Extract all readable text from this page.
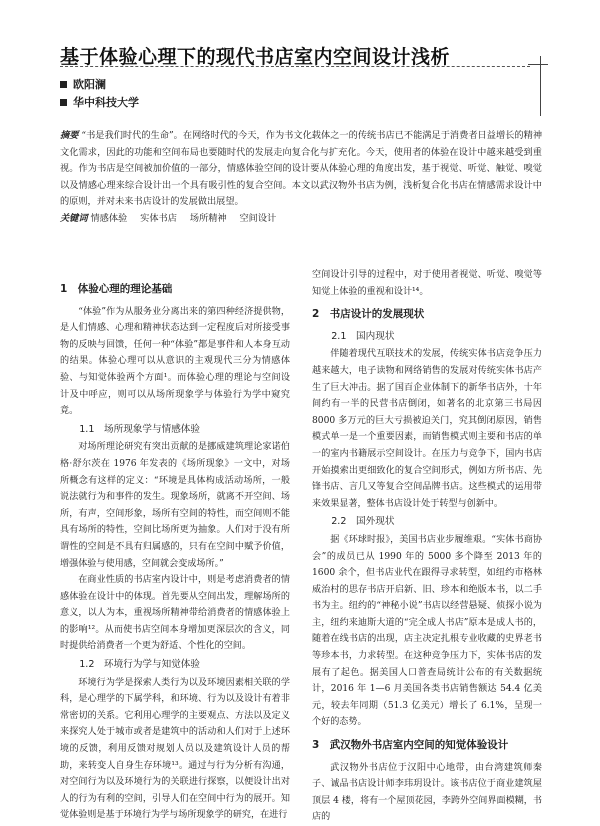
基于体验心理下的现代书店室内空间设计浅析
欧阳澜
华中科技大学
摘要 “书是我们时代的生命”。在网络时代的今天，作为书文化载体之一的传统书店已不能满足于消费者日益增长的精神文化需求，因此的功能和空间布局也要随时代的发展走向复合化与扩充化。今天，使用者的体验在设计中越来越受到重视。作为书店是空间被加价值的一部分，情感体验空间的设计要从体验心理的角度出发，基于视觉、听觉、触觉、嗅觉以及情感心理来综合设计出一个具有吸引性的复合空间。本文以武汉物外书店为例，浅析复合化书店在情感需求设计中的原则，并对未来书店设计的发展做出展望。
关键词 情感体验 实体书店 场所精神 空间设计
1　体验心理的理论基础

“体验”作为从服务业分离出来的第四种经济提供物，是人们情感、心理和精神状态达到一定程度后对所接受事物的反映与回馈，任何一种“体验”都是事件和人本身互动的结果。体验心理可以从意识的主观现代三分为情感体验、与知觉体验两个方面¹。而体验心理的理论与空间设计及中呼应，则可以从场所现象学与体验行为学中窥究竟。

1.1　场所现象学与情感体验

对场所理论研究有突出贡献的是挪威建筑理论家诺伯格·舒尔茨在 1976 年发表的《场所现象》一文中，对场所概念有这样的定义：“环境是具体构成活动场所，一般说法就行为和事件的发生。现象场所，就离不开空间、场所，有声，空间形象，场所有空间的特性，而空间则不能具有场所的特性，空间比场所更为抽象。人们对于没有所谓性的空间是不具有归属感的，只有在空间中赋予价值，增强体验与使用感，空间就会变成场所。”

在商业性质的书店室内设计中，则是考虑消费者的情感体验在设计中的体现。首先要从空间出发，理解场所的意义，以人为本，重视场所精神带给消费者的情感体验上的影响¹²。从而使书店空间本身增加更深层次的含义，同时提供给消费者一个更为舒适、个性化的空间。

1.2　环境行为学与知觉体验

环境行为学是探索人类行为以及环境因素相关联的学科，是心理学的下属学科，和环境、行为以及设计有着非常密切的关系。它利用心理学的主要观点、方法以及定义来探究人处于城市或者是建筑中的活动和人们对于上述环境的反馈，利用反馈对规划人员以及建筑设计人员的帮助，来转变人自身生存环境¹³。通过与行为分析有沟通，对空间行为以及环境行为的关联进行探察，以便设计出对人的行为有利的空间，引导人们在空间中行为的展开。知觉体验则是基于环境行为学与场所现象学的研究，在进行

空间设计引导的过程中，对于使用者视觉、听觉、嗅觉等知觉上体验的重视和设计¹⁴。

2　书店设计的发展现状
2.1　国内现状

伴随着现代互联技术的发展，传统实体书店竞争压力越来越大，电子读物和网络销售的发展对传统实体书店产生了巨大冲击。据了国百企业体制下的新华书店外，十年间约有一半的民营书店倒闭，如著名的北京第三书局因 8000 多万元的巨大亏损被迫关门，究其倒闭原因，销售模式单一是一个重要因素，而销售模式则主要和书店的单一的室内书籍展示空间设计。在压力与竞争下，国内书店开始摸索出更细致化的复合空间形式，例如方所书店、先锋书店、言几又等复合空间品牌书店。这些模式的运用带来效果显著，整体书店设计处于转型与创新中。

2.2　国外现状

据《环球时报》，美国书店业步履维艰。“实体书商协会”的成员已从 1990 年的 5000 多个降至 2013 年的 1600 余个，但书店业代在跟得寻求转型，如纽约市格林威治村的思存书店开启新、旧、珍本和绝版本书，以二手书为主。纽约的“神秘小说”书店以经营悬疑、侦探小说为主，纽约来迪斯大道的“完全成人书店”原本是成人书的，随着在线书店的出现，店主决定扎根专业收藏的史界老书等珍本书，力求转型。在这种竞争压力下，实体书店的发展有了起色。据美国人口普查局统计公布的有关数据统计，2016 年 1—6 月美国各类书店销售额达 54.4 亿美元，较去年同期（51.3 亿美元）增长了 6.1%，呈现一个好的态势。

3　武汉物外书店室内空间的知觉体验设计

武汉物外书店位于汉阳中心地带，由台湾建筑师秦子、诚品书店设计师李玮玥设计。该书店位于商业建筑屋顶层 4 楼，将有一个屋顶花园，李跨外空间界面模糊，书店的
